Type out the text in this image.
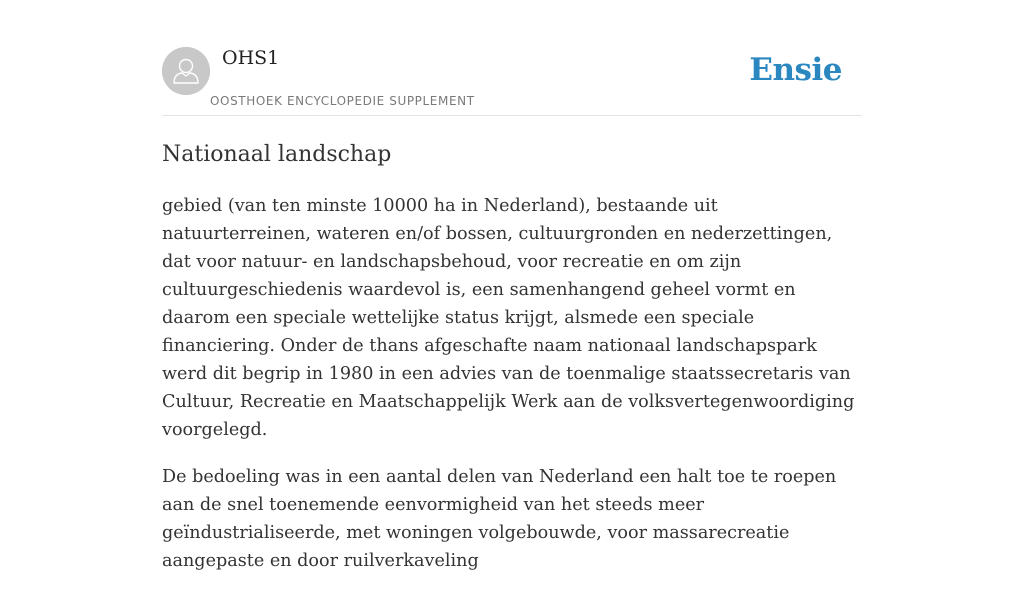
OHS1
OOSTHOEK ENCYCLOPEDIE SUPPLEMENT
Ensie
Nationaal landschap

gebied (van ten minste 10000 ha in Nederland), bestaande uit natuurterreinen, wateren en/of bossen, cultuurgronden en nederzettingen, dat voor natuur- en landschapsbehoud, voor recreatie en om zijn cultuurgeschiedenis waardevol is, een samenhangend geheel vormt en daarom een speciale wettelijke status krijgt, alsmede een speciale financiering. Onder de thans afgeschafte naam nationaal landschapspark werd dit begrip in 1980 in een advies van de toenmalige staatssecretaris van Cultuur, Recreatie en Maatschappelijk Werk aan de volksvertegenwoordiging voorgelegd.

De bedoeling was in een aantal delen van Nederland een halt toe te roepen aan de snel toenemende eenvormigheid van het steeds meer geïndustrialiseerde, met woningen volgebouwde, voor massarecreatie aangepaste en door ruilverkaveling
